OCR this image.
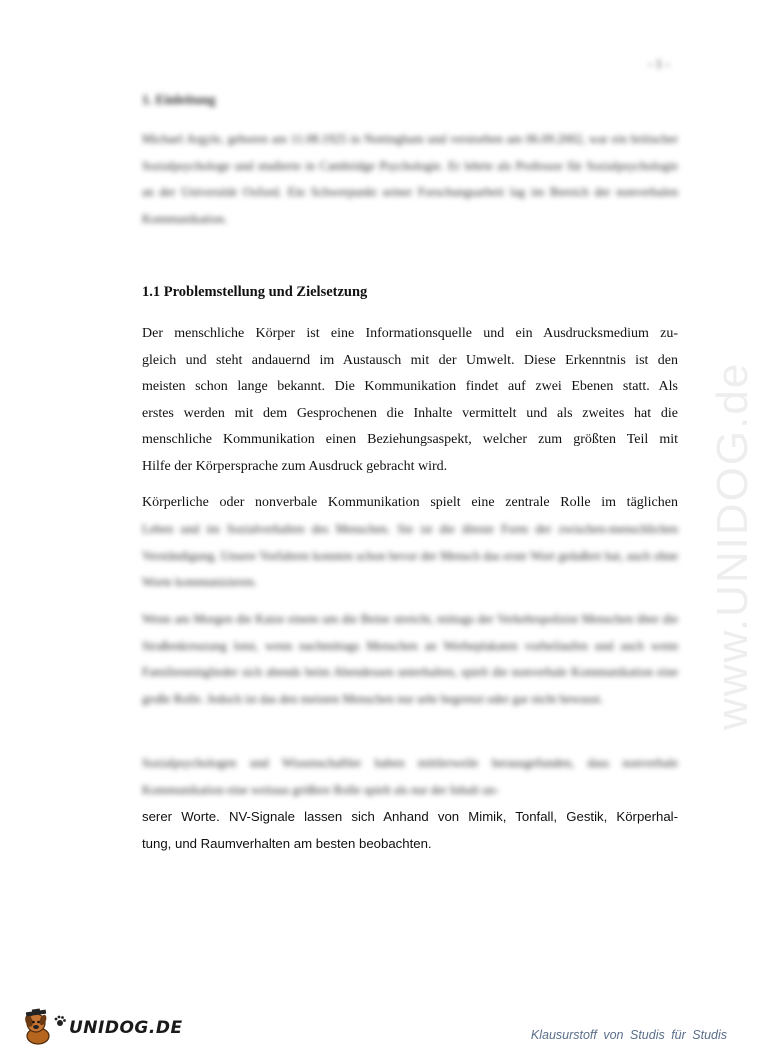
- 1 -
www.UNIDOG.de
1. Einleitung
Michael Argyle, geboren am 11.08.1925 in Nottingham und verstorben am 06.09.2002, war ein britischer Sozialpsychologe und studierte in Cambridge Psychologie. Er lehrte als Professor für Sozialpsychologie an der Universität Oxford. Ein Schwerpunkt seiner Forschungsarbeit lag im Bereich der nonverbalen Kommunikation.
1.1 Problemstellung und Zielsetzung
Der menschliche Körper ist eine Informationsquelle und ein Ausdrucksmedium zu-
gleich und steht andauernd im Austausch mit der Umwelt. Diese Erkenntnis ist den
meisten schon lange bekannt. Die Kommunikation findet auf zwei Ebenen statt. Als
erstes werden mit dem Gesprochenen die Inhalte vermittelt und als zweites hat die
menschliche Kommunikation einen Beziehungsaspekt, welcher zum größten Teil mit
Hilfe der Körpersprache zum Ausdruck gebracht wird.
Körperliche oder nonverbale Kommunikation spielt eine zentrale Rolle im täglichen
Leben und im Sozialverhalten des Menschen. Sie ist die älteste Form der zwischen-menschlichen Verständigung. Unsere Vorfahren konnten schon bevor der Mensch das erste Wort geäußert hat, auch ohne Worte kommunizieren.
Wenn am Morgen die Katze einem um die Beine streicht, mittags der Verkehrspolizist Menschen über die Straßenkreuzung lotst, wenn nachmittags Menschen an Werbeplakaten vorbeilaufen und auch wenn Familienmitglieder sich abends beim Abendessen unterhalten, spielt die nonverbale Kommunikation eine große Rolle. Jedoch ist das den meisten Menschen nur sehr begrenzt oder gar nicht bewusst.
Sozialpsychologen und Wissenschaftler haben mittlerweile herausgefunden, dass nonverbale Kommunikation eine weitaus größere Rolle spielt als nur der Inhalt un-
serer Worte. NV-Signale lassen sich Anhand von Mimik, Tonfall, Gestik, Körperhal-
tung, und Raumverhalten am besten beobachten.
UNIDOG.DE	Klausurstoff von Studis für Studis
